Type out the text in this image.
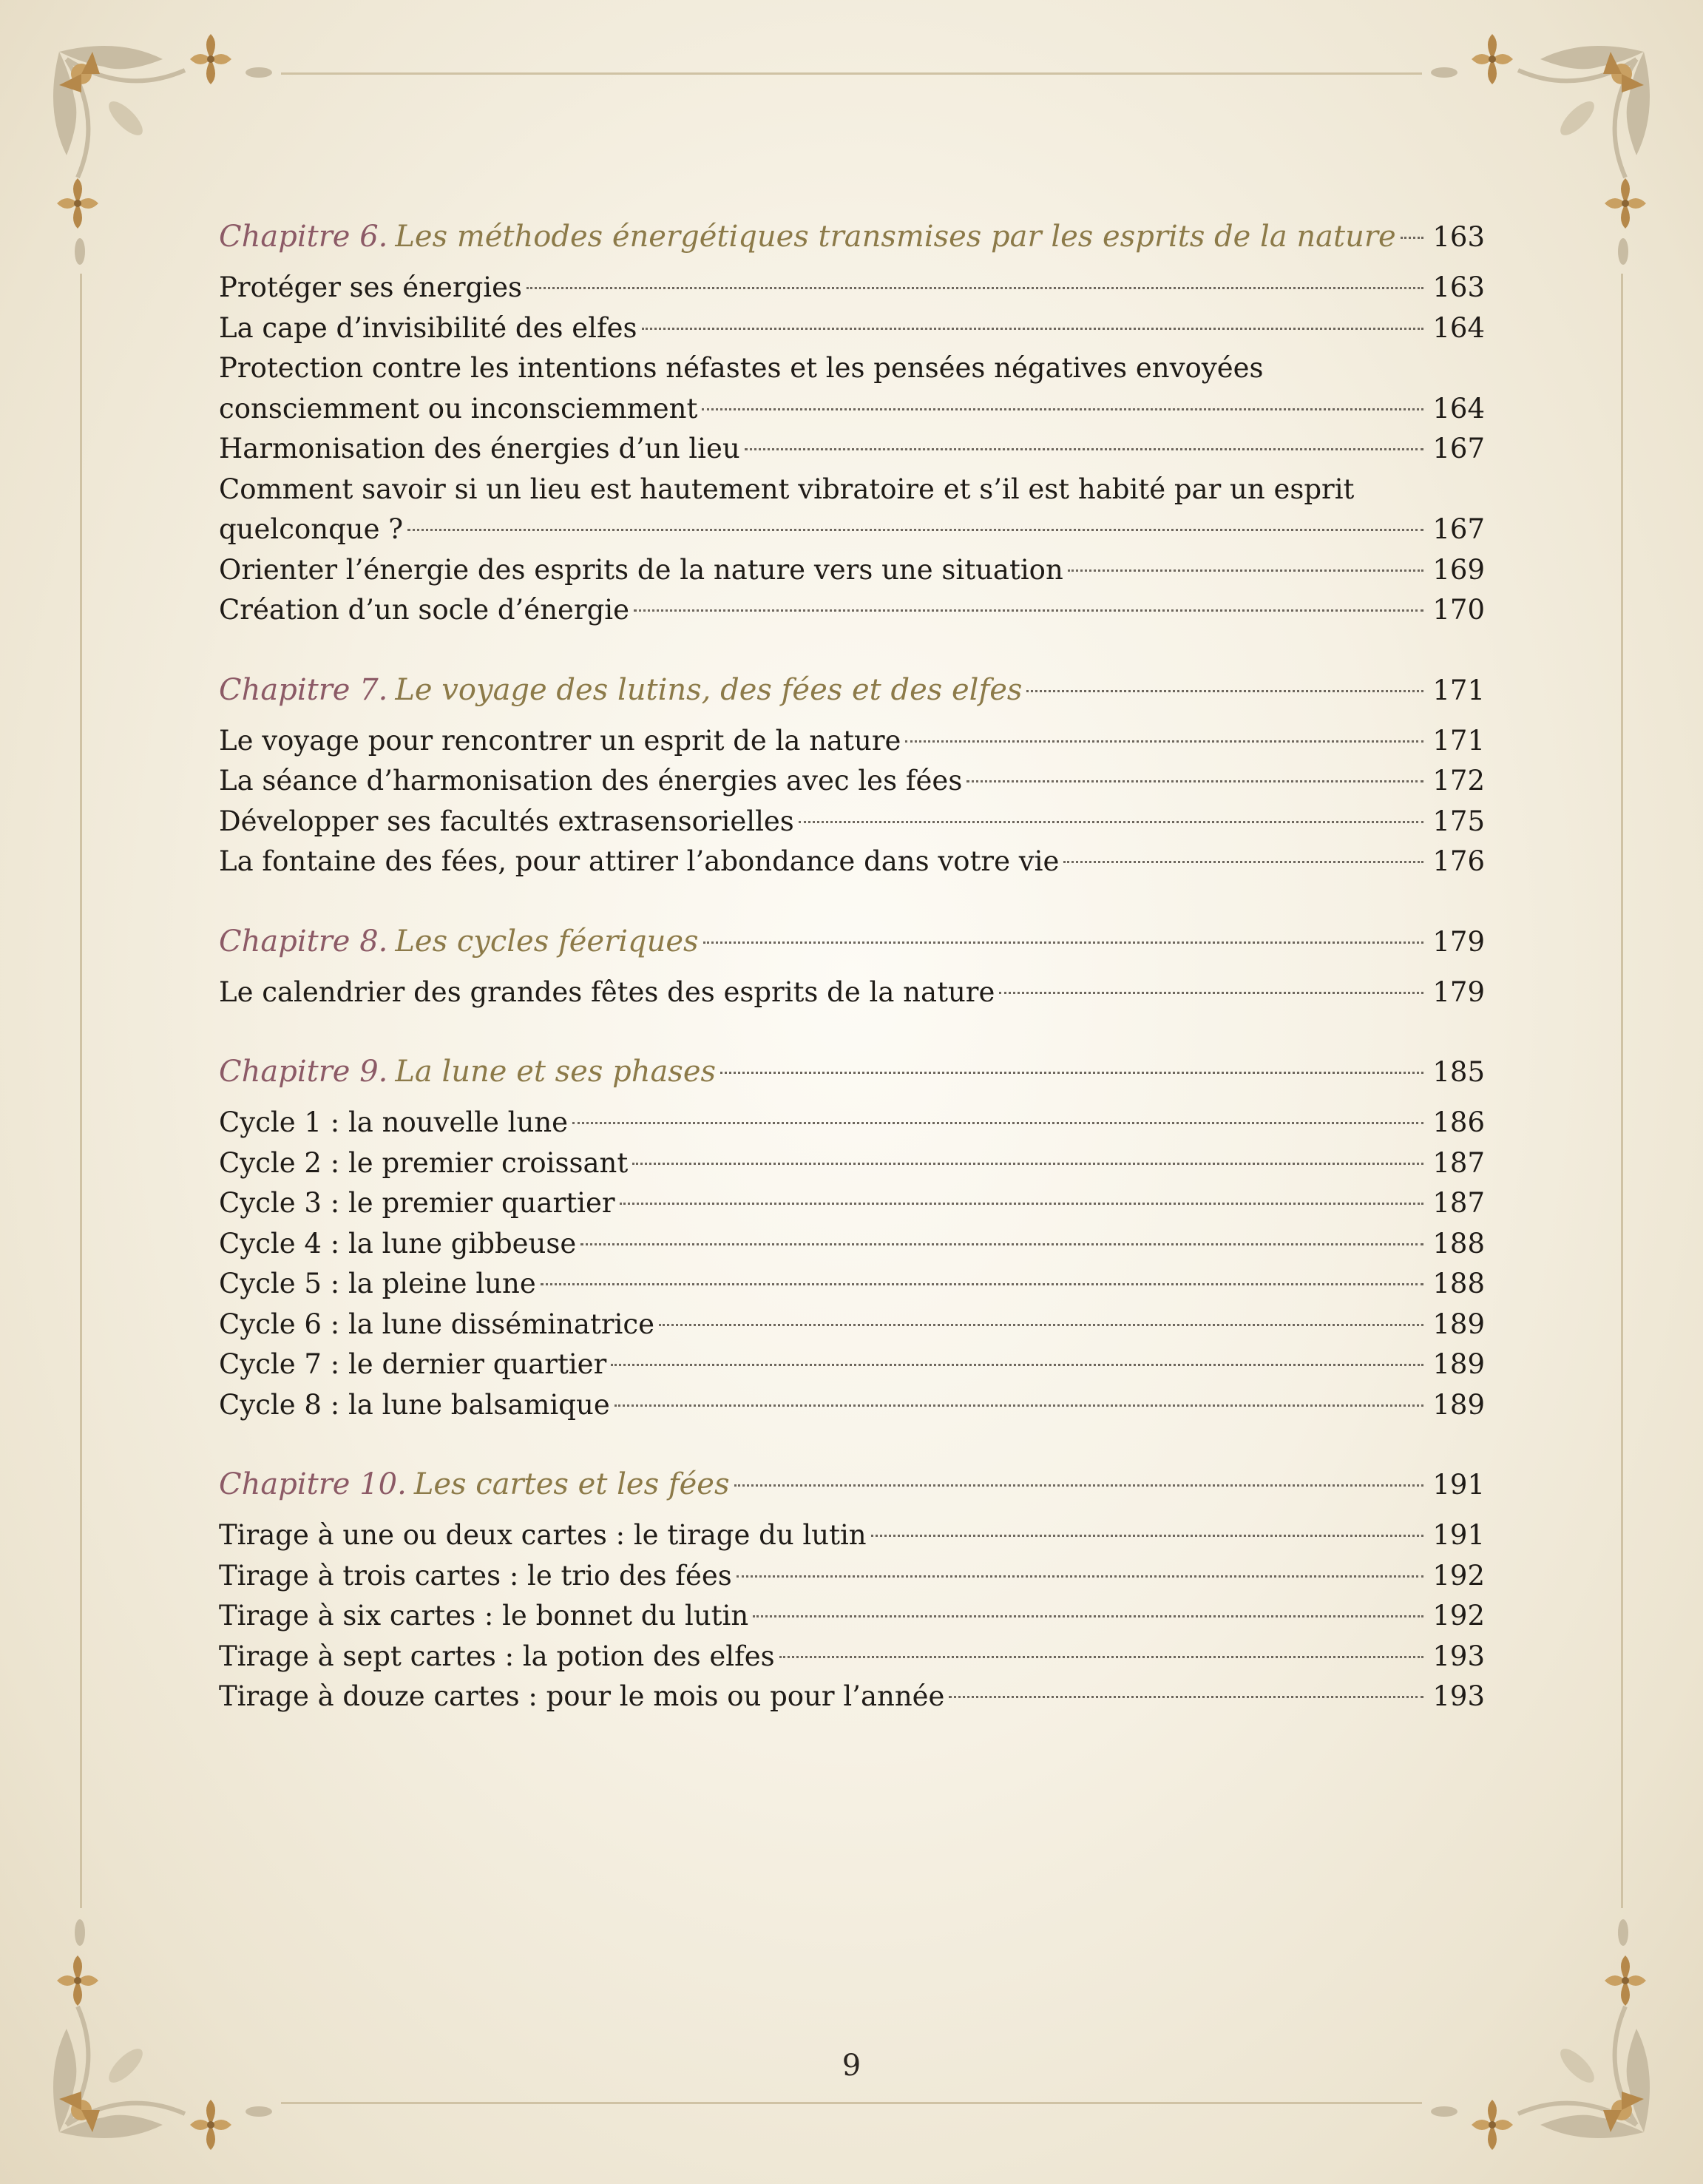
Chapitre 6. Les méthodes énergétiques transmises par les esprits de la nature 163
Protéger ses énergies	163
La cape d’invisibilité des elfes	164
Protection contre les intentions néfastes et les pensées négatives envoyées
consciemment ou inconsciemment	164
Harmonisation des énergies d’un lieu	167
Comment savoir si un lieu est hautement vibratoire et s’il est habité par un esprit
quelconque ?	167
Orienter l’énergie des esprits de la nature vers une situation	169
Création d’un socle d’énergie	170
Chapitre 7. Le voyage des lutins, des fées et des elfes	171
Le voyage pour rencontrer un esprit de la nature	171
La séance d’harmonisation des énergies avec les fées	172
Développer ses facultés extrasensorielles	175
La fontaine des fées, pour attirer l’abondance dans votre vie	176
Chapitre 8. Les cycles féeriques	179
Le calendrier des grandes fêtes des esprits de la nature	179
Chapitre 9. La lune et ses phases	185
Cycle 1 : la nouvelle lune	186
Cycle 2 : le premier croissant	187
Cycle 3 : le premier quartier	187
Cycle 4 : la lune gibbeuse	188
Cycle 5 : la pleine lune	188
Cycle 6 : la lune disséminatrice	189
Cycle 7 : le dernier quartier	189
Cycle 8 : la lune balsamique	189
Chapitre 10. Les cartes et les fées	191
Tirage à une ou deux cartes : le tirage du lutin	191
Tirage à trois cartes : le trio des fées	192
Tirage à six cartes : le bonnet du lutin	192
Tirage à sept cartes : la potion des elfes	193
Tirage à douze cartes : pour le mois ou pour l’année	193
9
